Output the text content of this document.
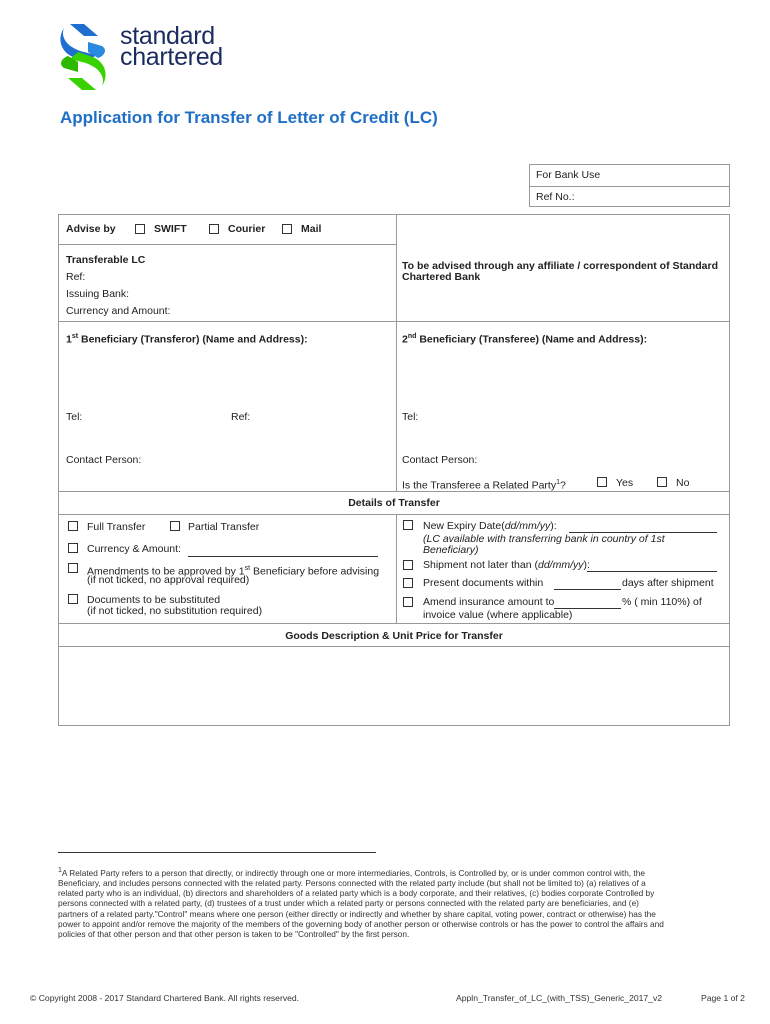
standard
chartered
Application for Transfer of Letter of Credit (LC)
For Bank Use
Ref No.:
Advise by	SWIFT	Courier	Mail
Transferable LC
Ref:
Issuing Bank:
Currency and Amount:
To be advised through any affiliate / correspondent of Standard Chartered Bank
1st Beneficiary (Transferor) (Name and Address):	2nd Beneficiary (Transferee) (Name and Address):
Tel:	Ref:	Tel:
Contact Person:	Contact Person:
Is the Transferee a Related Party$^1$?	Yes	No
Details of Transfer
Full Transfer	Partial Transfer
Currency & Amount:
Amendments to be approved by 1st Beneficiary before advising
(if not ticked, no approval required)
Documents to be substituted
(if not ticked, no substitution required)
New Expiry Date(dd/mm/yy):
(LC available with transferring bank in country of 1st
Beneficiary)
Shipment not later than (dd/mm/yy):
Present documents within	days after shipment
Amend insurance amount to	% ( min 110%) of
invoice value (where applicable)
Goods Description & Unit Price for Transfer
$^1$A Related Party refers to a person that directly, or indirectly through one or more intermediaries, Controls, is Controlled by, or is under common control with, the
Beneficiary, and includes persons connected with the related party. Persons connected with the related party include (but shall not be limited to) (a) relatives of a
related party who is an individual, (b) directors and shareholders of a related party which is a body corporate, and their relatives, (c) bodies corporate Controlled by
persons connected with a related party, (d) trustees of a trust under which a related party or persons connected with the related party are beneficiaries, and (e)
partners of a related party."Control" means where one person (either directly or indirectly and whether by share capital, voting power, contract or otherwise) has the
power to appoint and/or remove the majority of the members of the governing body of another person or otherwise controls or has the power to control the affairs and
policies of that other person and that other person is taken to be "Controlled" by the first person.
© Copyright 2008 - 2017 Standard Chartered Bank. All rights reserved.	Appln_Transfer_of_LC_(with_TSS)_Generic_2017_v2	Page 1 of 2
